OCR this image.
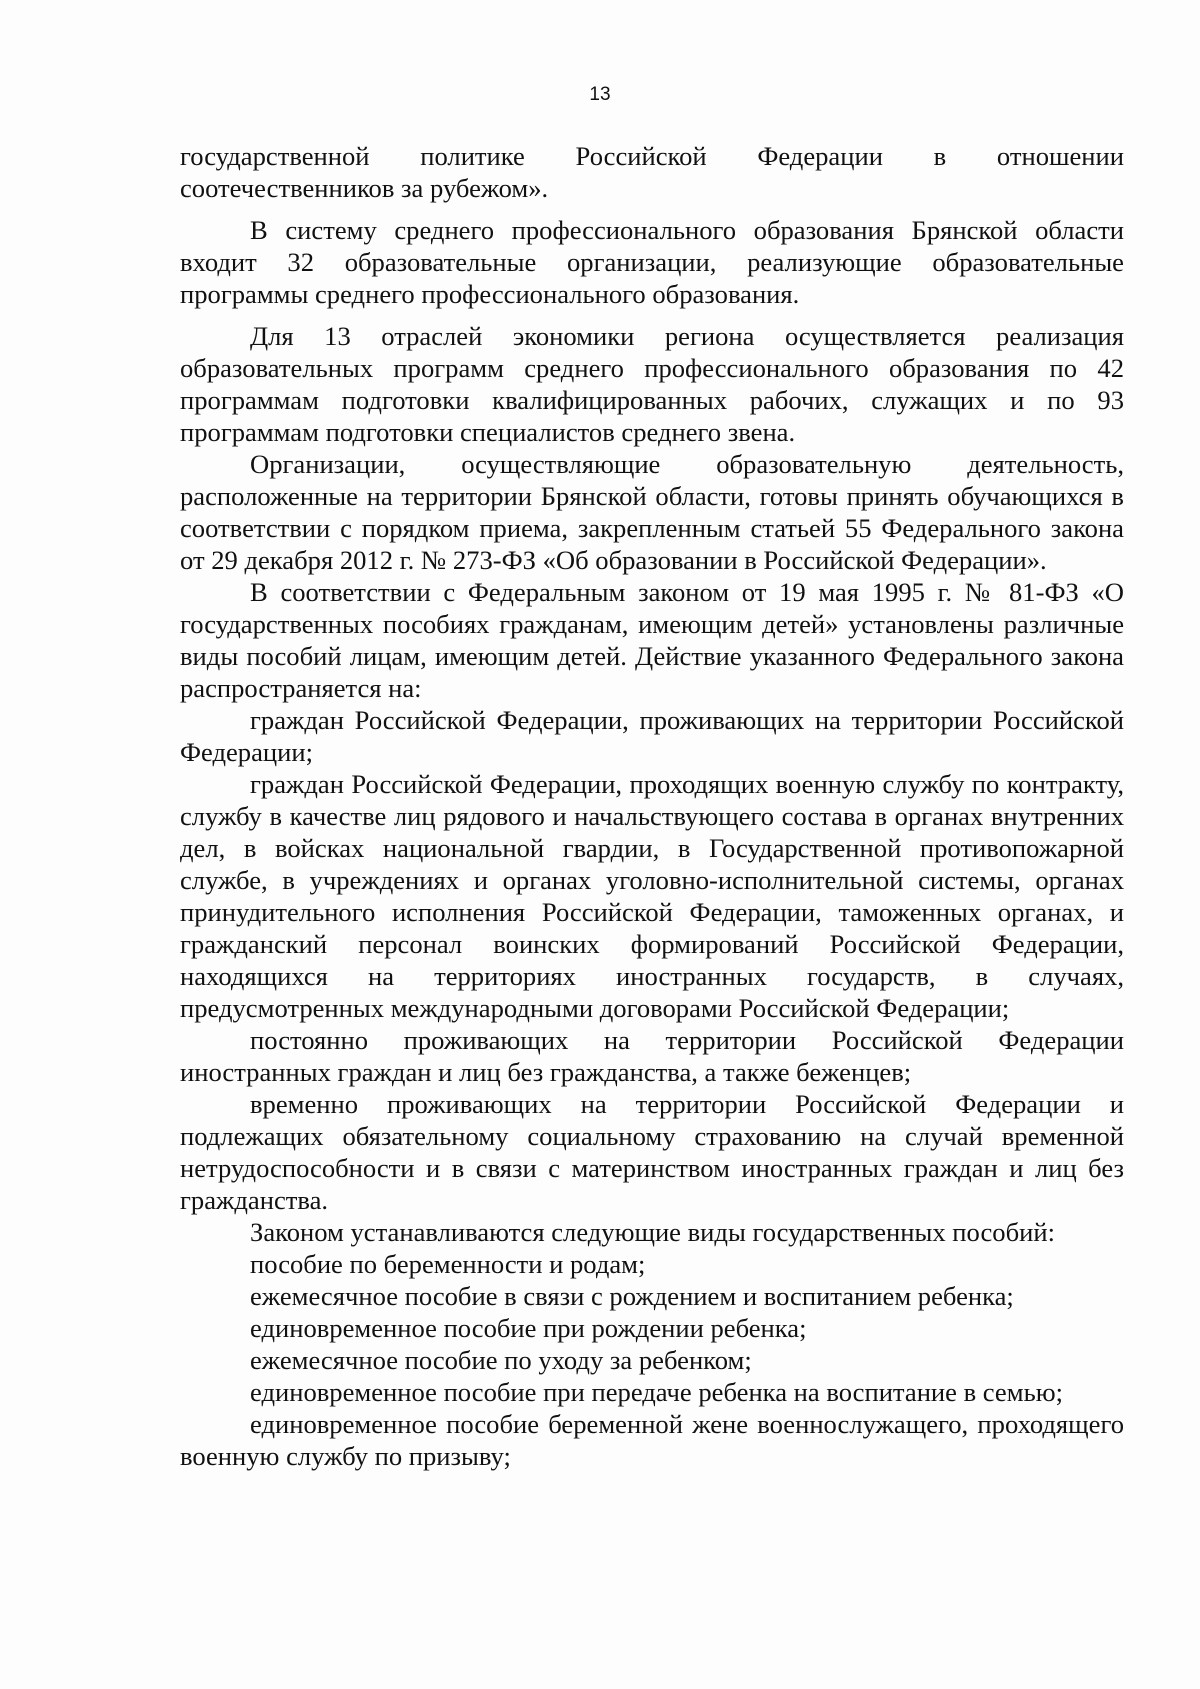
13

государственной политике Российской Федерации в отношении соотечественников за рубежом».

В систему среднего профессионального образования Брянской области входит 32 образовательные организации, реализующие образовательные программы среднего профессионального образования.

Для 13 отраслей экономики региона осуществляется реализация образовательных программ среднего профессионального образования по 42 программам подготовки квалифицированных рабочих, служащих и по 93 программам подготовки специалистов среднего звена.

Организации, осуществляющие образовательную деятельность, расположенные на территории Брянской области, готовы принять обучающихся в соответствии с порядком приема, закрепленным статьей 55 Федерального закона от 29 декабря 2012 г. № 273-ФЗ «Об образовании в Российской Федерации».

В соответствии с Федеральным законом от 19 мая 1995 г. № 81-ФЗ «О государственных пособиях гражданам, имеющим детей» установлены различные виды пособий лицам, имеющим детей. Действие указанного Федерального закона распространяется на:

граждан Российской Федерации, проживающих на территории Российской Федерации;

граждан Российской Федерации, проходящих военную службу по контракту, службу в качестве лиц рядового и начальствующего состава в органах внутренних дел, в войсках национальной гвардии, в Государственной противопожарной службе, в учреждениях и органах уголовно-исполнительной системы, органах принудительного исполнения Российской Федерации, таможенных органах, и гражданский персонал воинских формирований Российской Федерации, находящихся на территориях иностранных государств, в случаях, предусмотренных международными договорами Российской Федерации;

постоянно проживающих на территории Российской Федерации иностранных граждан и лиц без гражданства, а также беженцев;

временно проживающих на территории Российской Федерации и подлежащих обязательному социальному страхованию на случай временной нетрудоспособности и в связи с материнством иностранных граждан и лиц без гражданства.

Законом устанавливаются следующие виды государственных пособий:

пособие по беременности и родам;

ежемесячное пособие в связи с рождением и воспитанием ребенка;

единовременное пособие при рождении ребенка;

ежемесячное пособие по уходу за ребенком;

единовременное пособие при передаче ребенка на воспитание в семью;

единовременное пособие беременной жене военнослужащего, проходящего военную службу по призыву;
